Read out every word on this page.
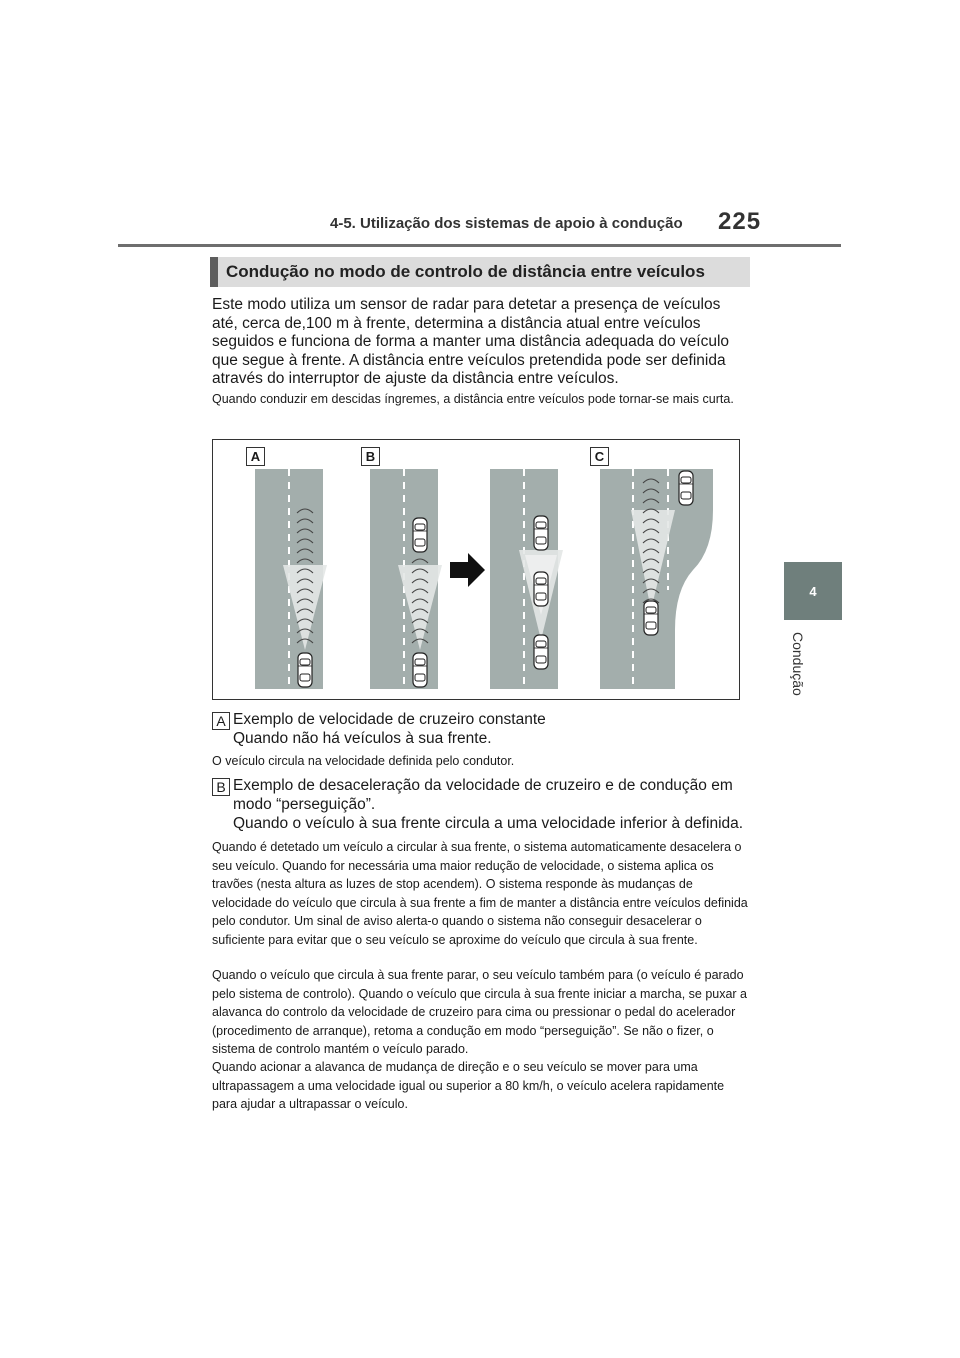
4-5. Utilização dos sistemas de apoio à condução 225
4
Condução
Condução no modo de controlo de distância entre veículos
Este modo utiliza um sensor de radar para detetar a presença de veículos até, cerca de,100 m à frente, determina a distância atual entre veículos seguidos e funciona de forma a manter uma distância adequada do veículo que segue à frente. A distância entre veículos pretendida pode ser definida através do interruptor de ajuste da distância entre veículos.
Quando conduzir em descidas íngremes, a distância entre veículos pode tornar-se mais curta.
A	B	C
A Exemplo de velocidade de cruzeiro constante
Quando não há veículos à sua frente.
O veículo circula na velocidade definida pelo condutor.
B Exemplo de desaceleração da velocidade de cruzeiro e de condução em modo “perseguição”.
Quando o veículo à sua frente circula a uma velocidade inferior à definida.
Quando é detetado um veículo a circular à sua frente, o sistema automaticamente desacelera o seu veículo. Quando for necessária uma maior redução de velocidade, o sistema aplica os travões (nesta altura as luzes de stop acendem). O sistema responde às mudanças de velocidade do veículo que circula à sua frente a fim de manter a distância entre veículos definida pelo condutor. Um sinal de aviso alerta-o quando o sistema não conseguir desacelerar o suficiente para evitar que o seu veículo se aproxime do veículo que circula à sua frente.
Quando o veículo que circula à sua frente parar, o seu veículo também para (o veículo é parado pelo sistema de controlo). Quando o veículo que circula à sua frente iniciar a marcha, se puxar a alavanca do controlo da velocidade de cruzeiro para cima ou pressionar o pedal do acelerador (procedimento de arranque), retoma a condução em modo “perseguição”. Se não o fizer, o sistema de controlo mantém o veículo parado.
Quando acionar a alavanca de mudança de direção e o seu veículo se mover para uma ultrapassagem a uma velocidade igual ou superior a 80 km/h, o veículo acelera rapidamente para ajudar a ultrapassar o veículo.
